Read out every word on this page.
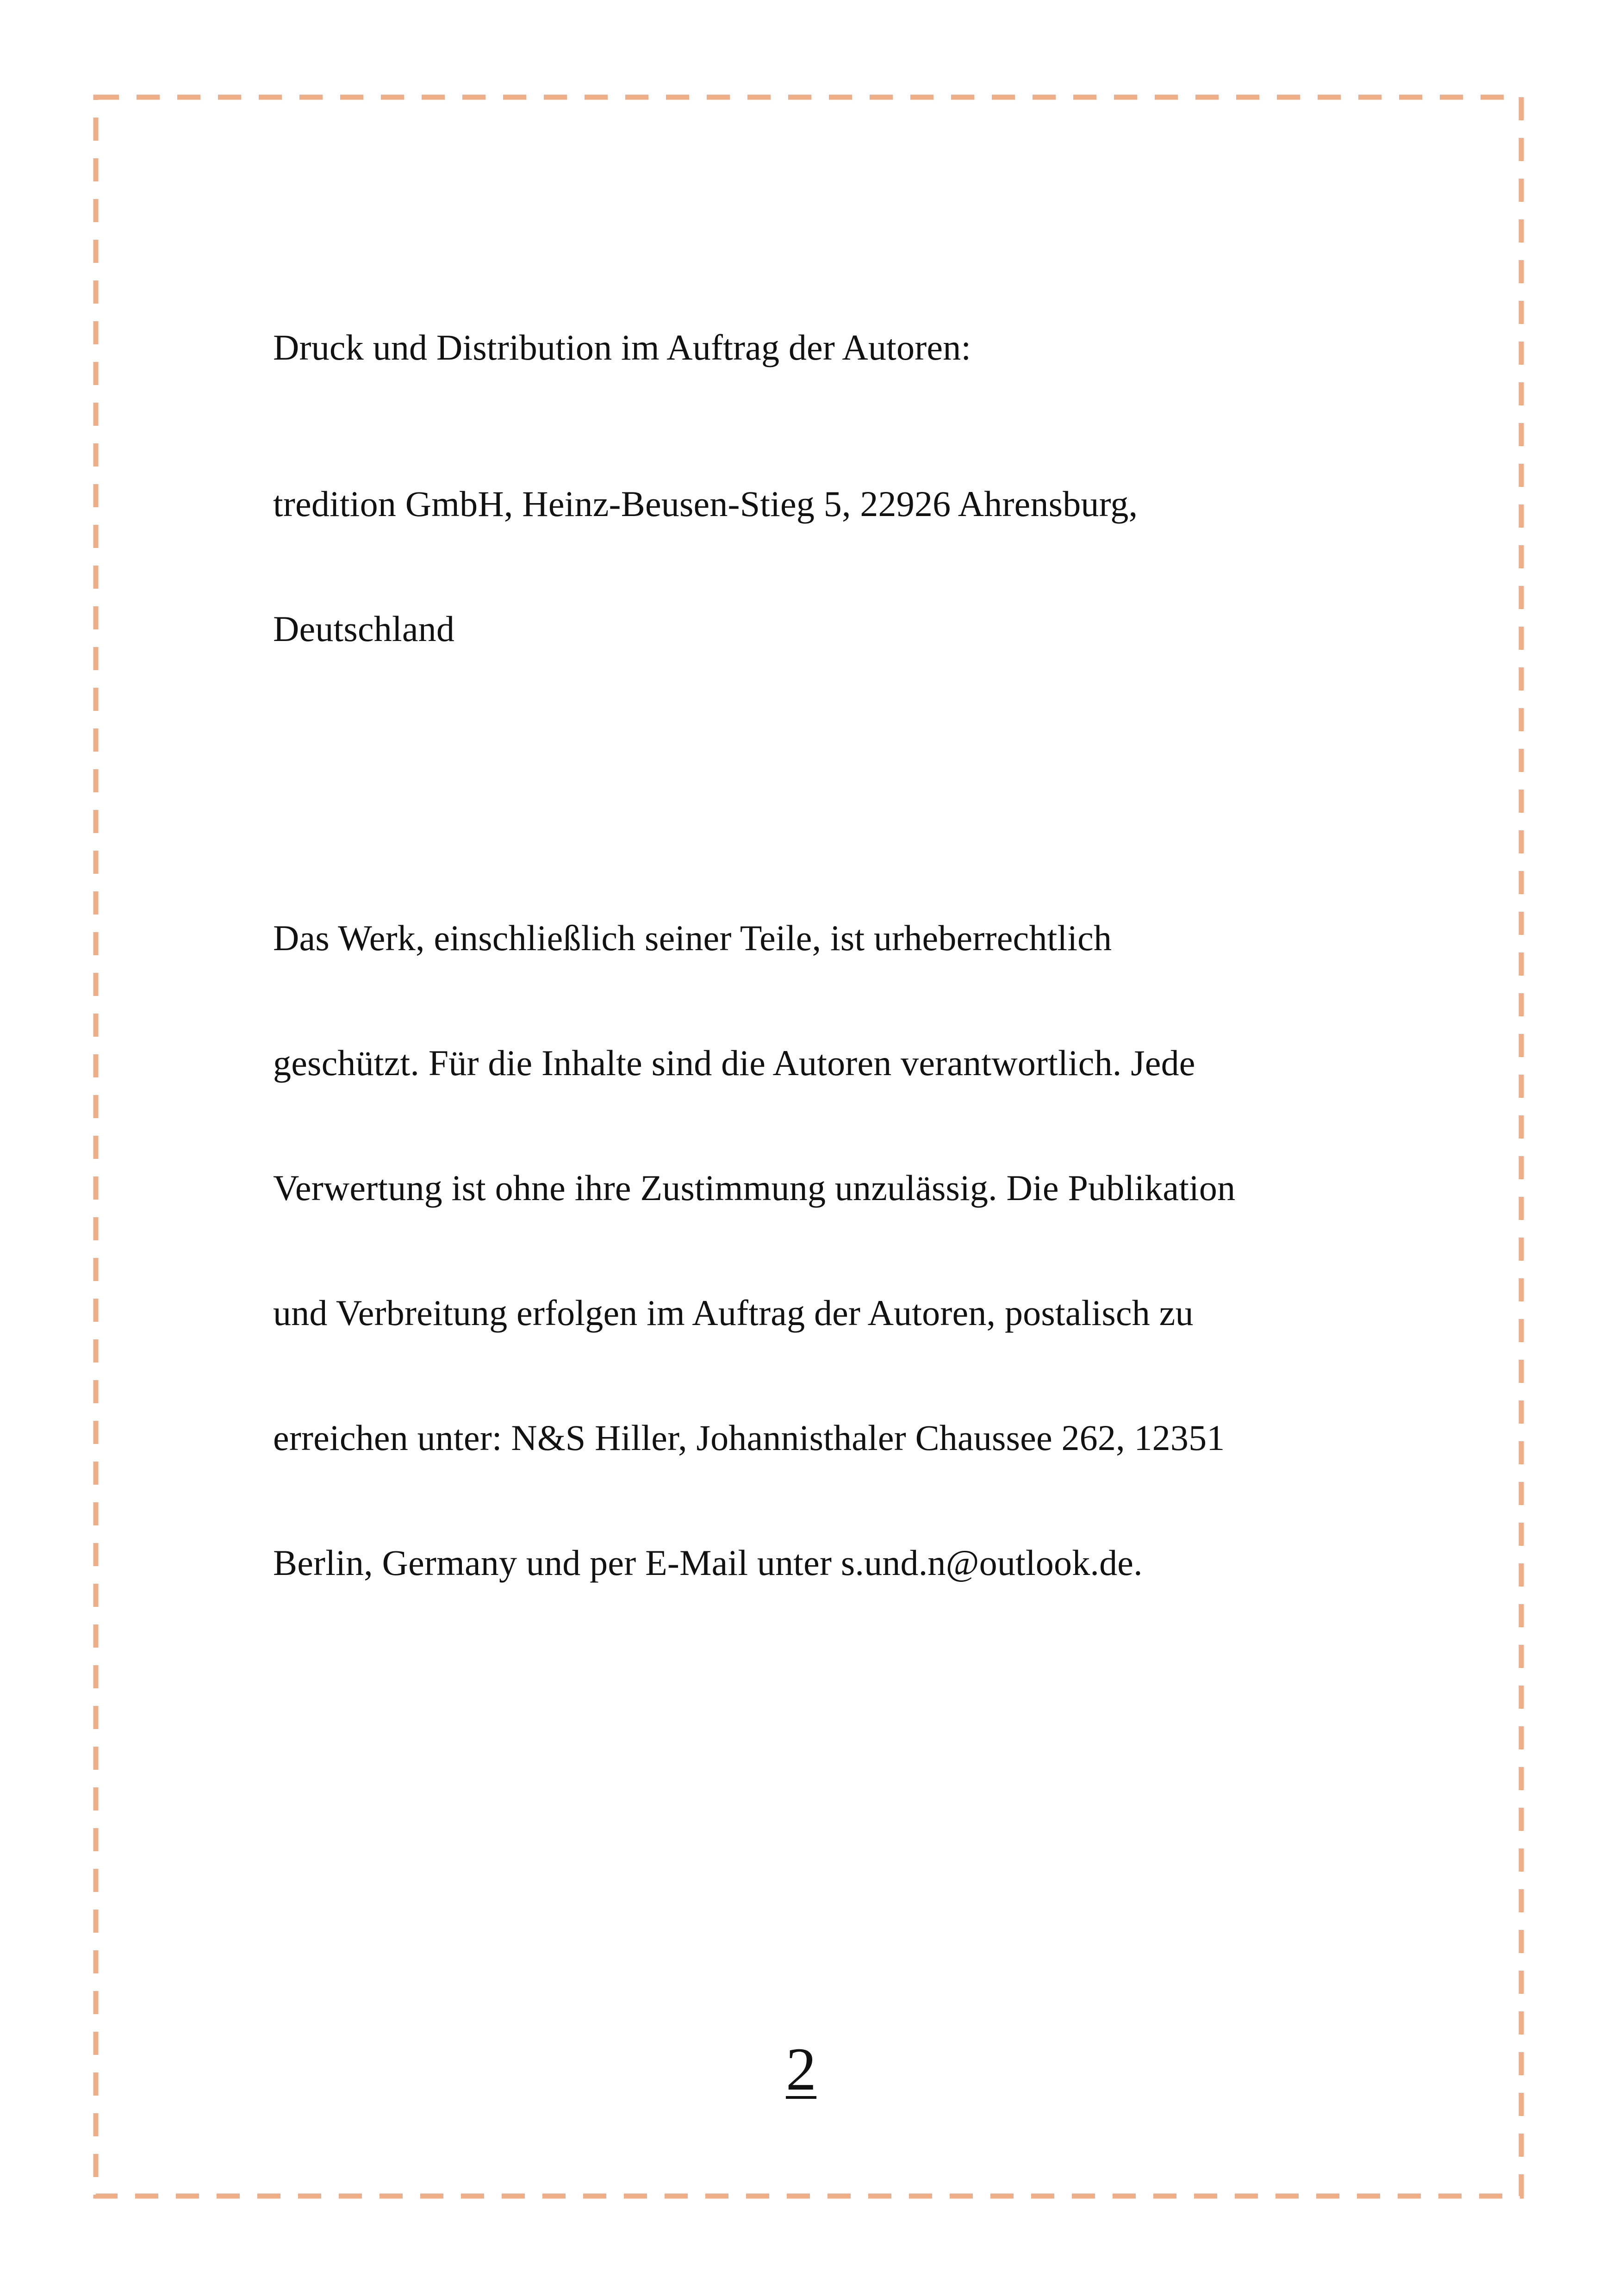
Druck und Distribution im Auftrag der Autoren:

tredition GmbH, Heinz-Beusen-Stieg 5, 22926 Ahrensburg,

Deutschland

Das Werk, einschließlich seiner Teile, ist urheberrechtlich

geschützt. Für die Inhalte sind die Autoren verantwortlich. Jede

Verwertung ist ohne ihre Zustimmung unzulässig. Die Publikation

und Verbreitung erfolgen im Auftrag der Autoren, postalisch zu

erreichen unter: N&S Hiller, Johannisthaler Chaussee 262, 12351

Berlin, Germany und per E-Mail unter s.und.n@outlook.de.

2
